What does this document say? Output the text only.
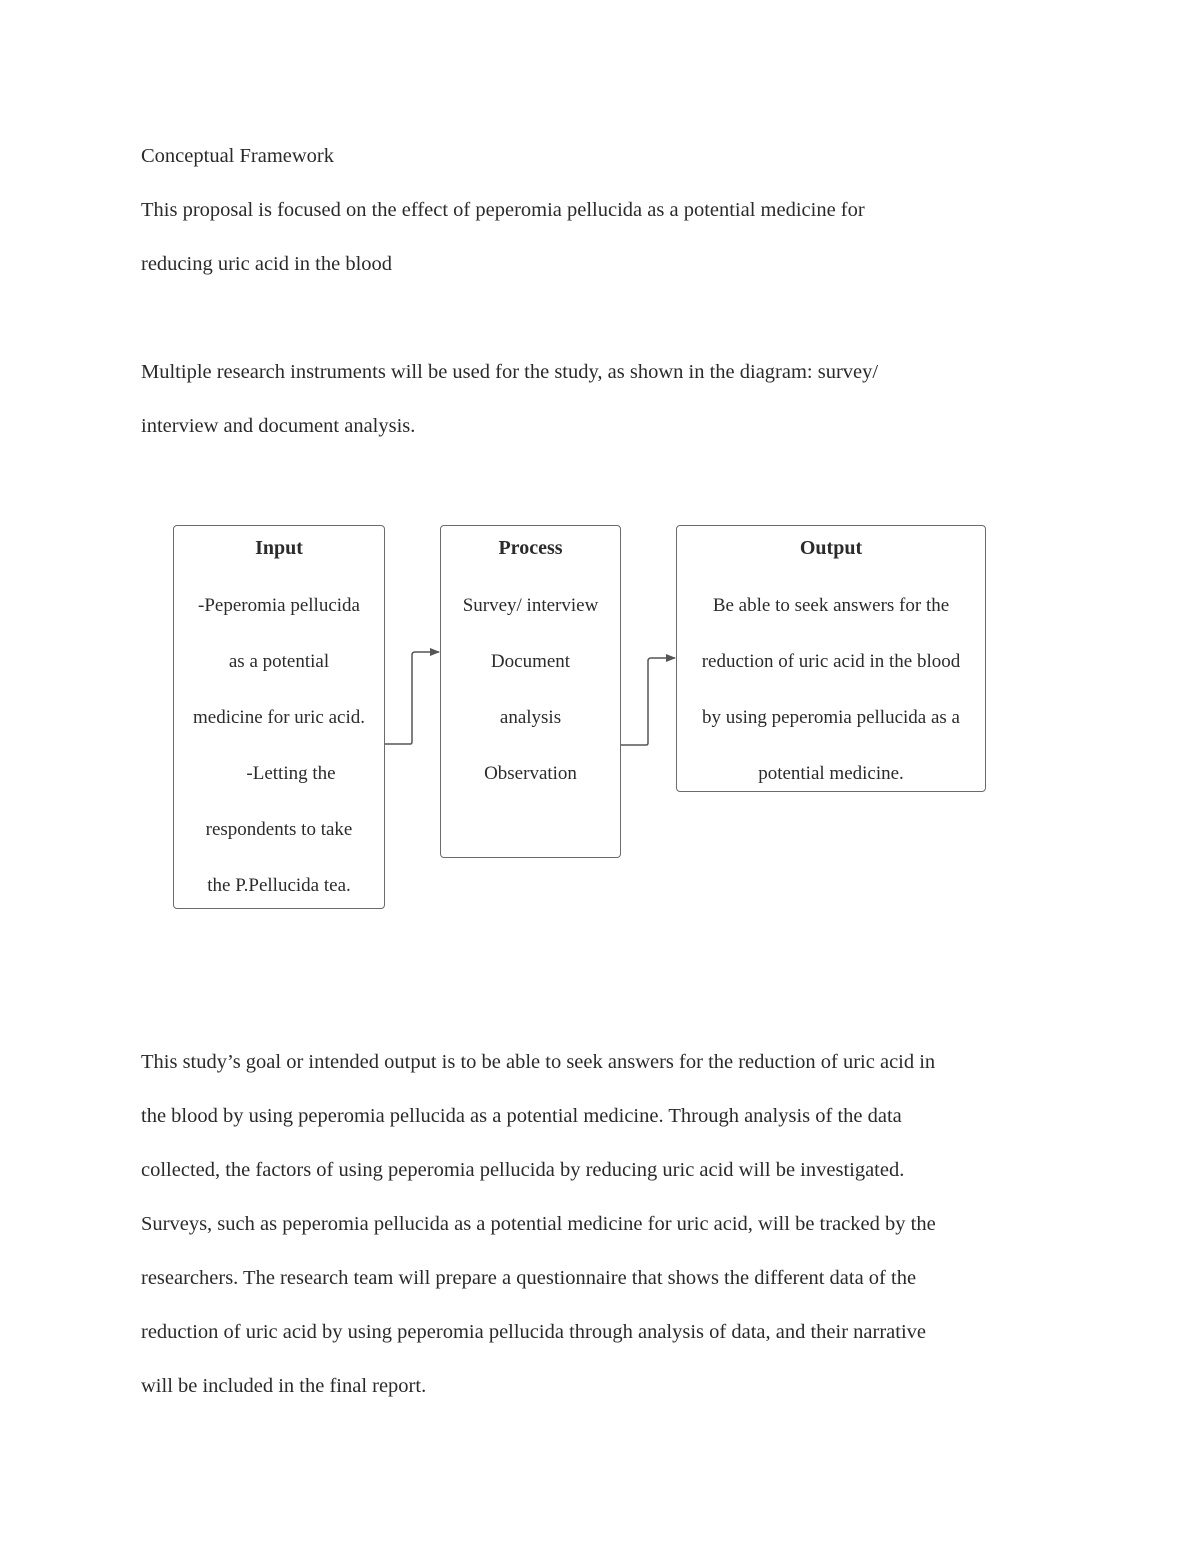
Conceptual Framework
This proposal is focused on the effect of peperomia pellucida as a potential medicine for
reducing uric acid in the blood
Multiple research instruments will be used for the study, as shown in the diagram: survey/
interview and document analysis.
Input
-Peperomia pellucida
as a potential
medicine for uric acid.
-Letting the
respondents to take
the P.Pellucida tea.
Process
Survey/ interview
Document
analysis
Observation
Output
Be able to seek answers for the
reduction of uric acid in the blood
by using peperomia pellucida as a
potential medicine.
This study’s goal or intended output is to be able to seek answers for the reduction of uric acid in
the blood by using peperomia pellucida as a potential medicine. Through analysis of the data
collected, the factors of using peperomia pellucida by reducing uric acid will be investigated.
Surveys, such as peperomia pellucida as a potential medicine for uric acid, will be tracked by the
researchers. The research team will prepare a questionnaire that shows the different data of the
reduction of uric acid by using peperomia pellucida through analysis of data, and their narrative
will be included in the final report.
